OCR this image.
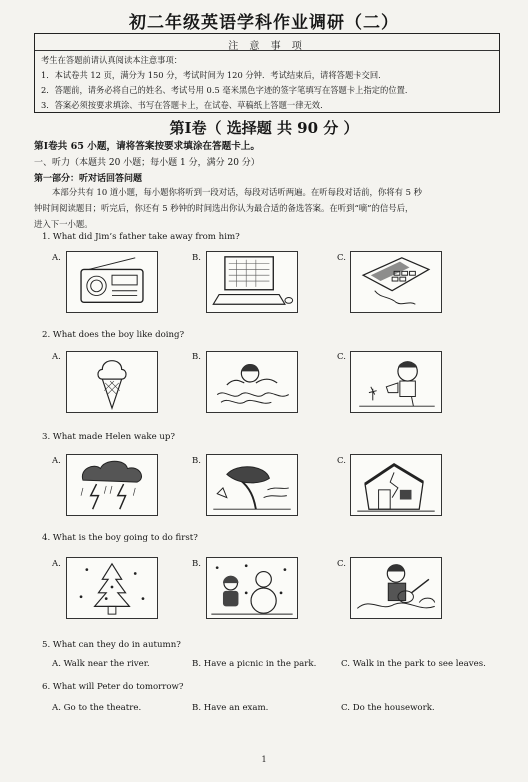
初二年级英语学科作业调研（二）
注 意 事 项
考生在答题前请认真阅读本注意事项：
1．本试卷共 12 页，满分为 150 分，考试时间为 120 分钟．考试结束后，请将答题卡交回．
2．答题前，请务必将自己的姓名、考试号用 0.5 毫米黑色字迹的签字笔填写在答题卡上指定的位置．
3．答案必须按要求填涂、书写在答题卡上，在试卷、草稿纸上答题一律无效．
第Ⅰ卷（ 选择题 共 90 分 ）
第Ⅰ卷共 65 小题，请将答案按要求填涂在答题卡上。
一、听力（本题共 20 小题；每小题 1 分，满分 20 分）
第一部分：听对话回答问题
本部分共有 10 道小题，每小题你将听到一段对话，每段对话听两遍。在听每段对话前，你将有 5 秒
钟时间阅读题目；听完后，你还有 5 秒钟的时间选出你认为最合适的备选答案。在听到“嘀”的信号后，
进入下一小题。
1. What did Jim’s father take away from him?
A.	B.	C.
2. What does the boy like doing?
A.	B.	C.
3. What made Helen wake up?
A.	B.	C.
4. What is the boy going to do first?
A.	B.	C.
5. What can they do in autumn?
A. Walk near the river.	B. Have a picnic in the park.	C. Walk in the park to see leaves.
6. What will Peter do tomorrow?
A. Go to the theatre.	B. Have an exam.	C. Do the housework.
1
